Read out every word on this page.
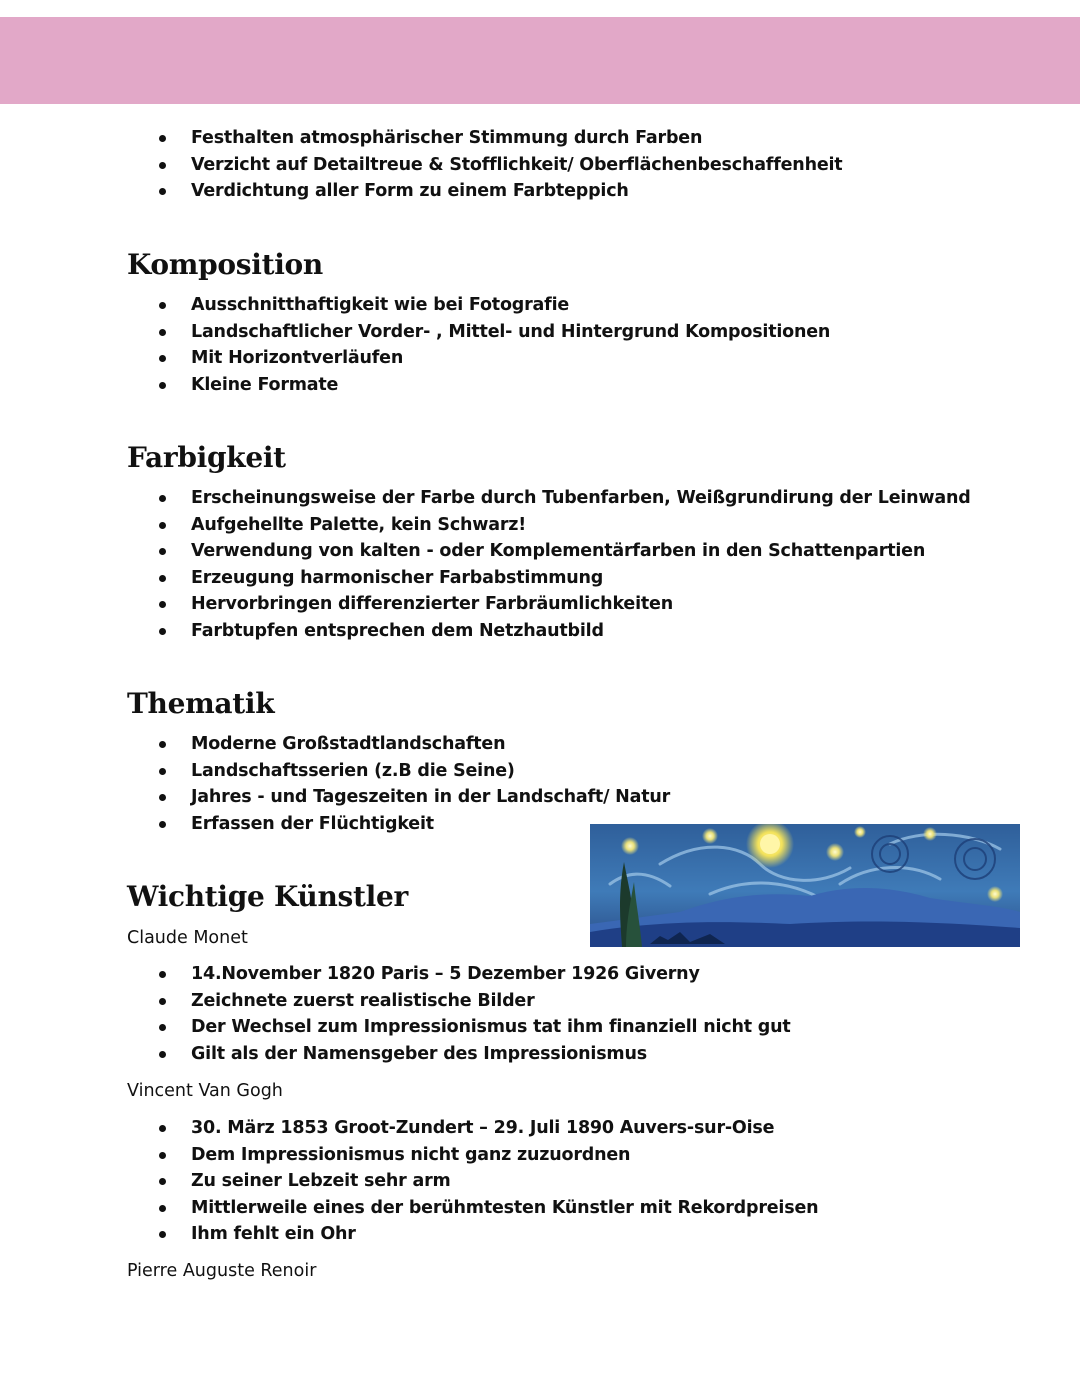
Festhalten atmosphärischer Stimmung durch Farben
Verzicht auf Detailtreue & Stofflichkeit/ Oberflächenbeschaffenheit
Verdichtung aller Form zu einem Farbteppich
Komposition
Ausschnitthaftigkeit wie bei Fotografie
Landschaftlicher Vorder- , Mittel- und Hintergrund Kompositionen
Mit Horizontverläufen
Kleine Formate
Farbigkeit
Erscheinungsweise der Farbe durch Tubenfarben, Weißgrundirung der Leinwand
Aufgehellte Palette, kein Schwarz!
Verwendung von kalten - oder Komplementärfarben in den Schattenpartien
Erzeugung harmonischer Farbabstimmung
Hervorbringen differenzierter Farbräumlichkeiten
Farbtupfen entsprechen dem Netzhautbild
Thematik
Moderne Großstadtlandschaften
Landschaftsserien (z.B die Seine)
Jahres - und Tageszeiten in der Landschaft/ Natur
Erfassen der Flüchtigkeit
Wichtige Künstler

Claude Monet

14.November 1820 Paris – 5 Dezember 1926 Giverny
Zeichnete zuerst realistische Bilder
Der Wechsel zum Impressionismus tat ihm finanziell nicht gut
Gilt als der Namensgeber des Impressionismus

Vincent Van Gogh

30. März 1853 Groot-Zundert – 29. Juli 1890 Auvers-sur-Oise
Dem Impressionismus nicht ganz zuzuordnen
Zu seiner Lebzeit sehr arm
Mittlerweile eines der berühmtesten Künstler mit Rekordpreisen
Ihm fehlt ein Ohr

Pierre Auguste Renoir
